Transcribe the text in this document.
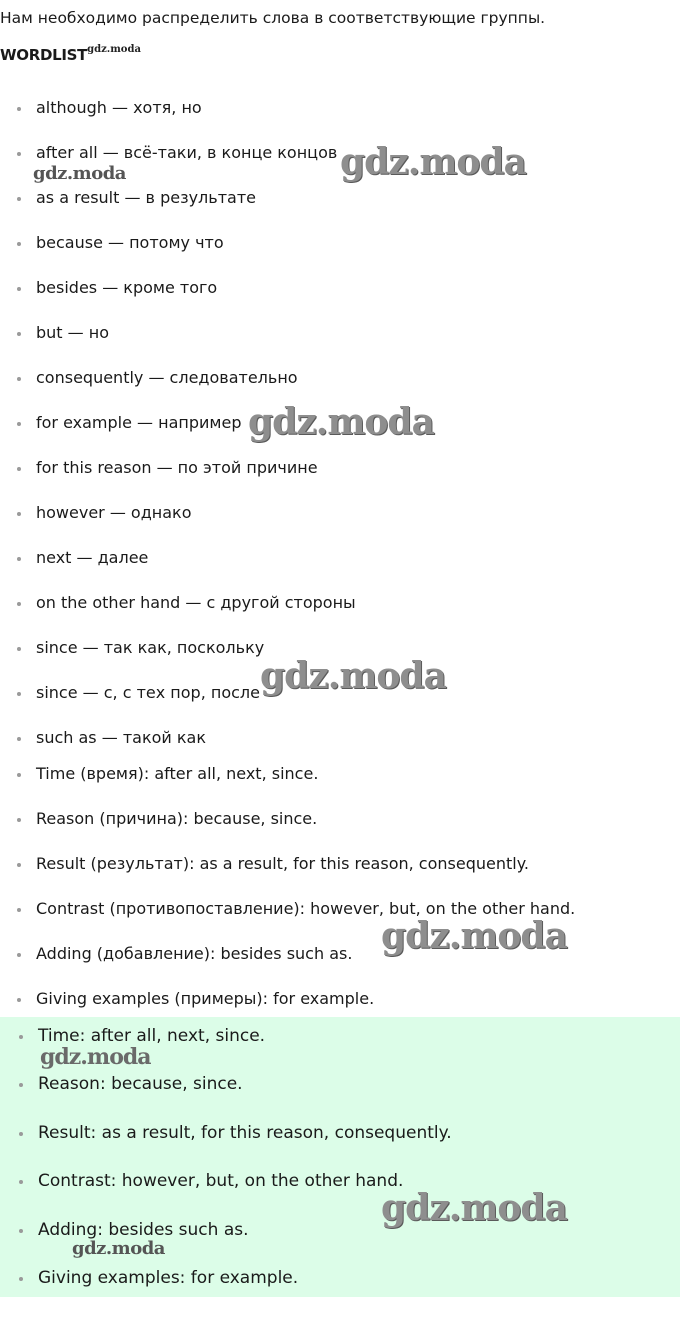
Нам необходимо распределить слова в соответствующие группы.
$WORDLIST^{gdz.moda}$
although — хотя, но
after all — всё-таки, в конце концов
as a result — в результате
because — потому что
besides — кроме того
but — но
consequently — следовательно
for example — например
for this reason — по этой причине
however — однако
next — далее
on the other hand — с другой стороны
since — так как, поскольку
since — с, с тех пор, после
such as — такой как
Time (время): after all, next, since.
Reason (причина): because, since.
Result (результат): as a result, for this reason, consequently.
Contrast (противопоставление): however, but, on the other hand.
Adding (добавление): besides such as.
Giving examples (примеры): for example.
Time: after all, next, since.
Reason: because, since.
Result: as a result, for this reason, consequently.
Contrast: however, but, on the other hand.
Adding: besides such as.
Giving examples: for example.
gdz.moda
gdz.moda
gdz.moda
gdz.moda
gdz.moda
gdz.moda
gdz.moda
gdz.moda
